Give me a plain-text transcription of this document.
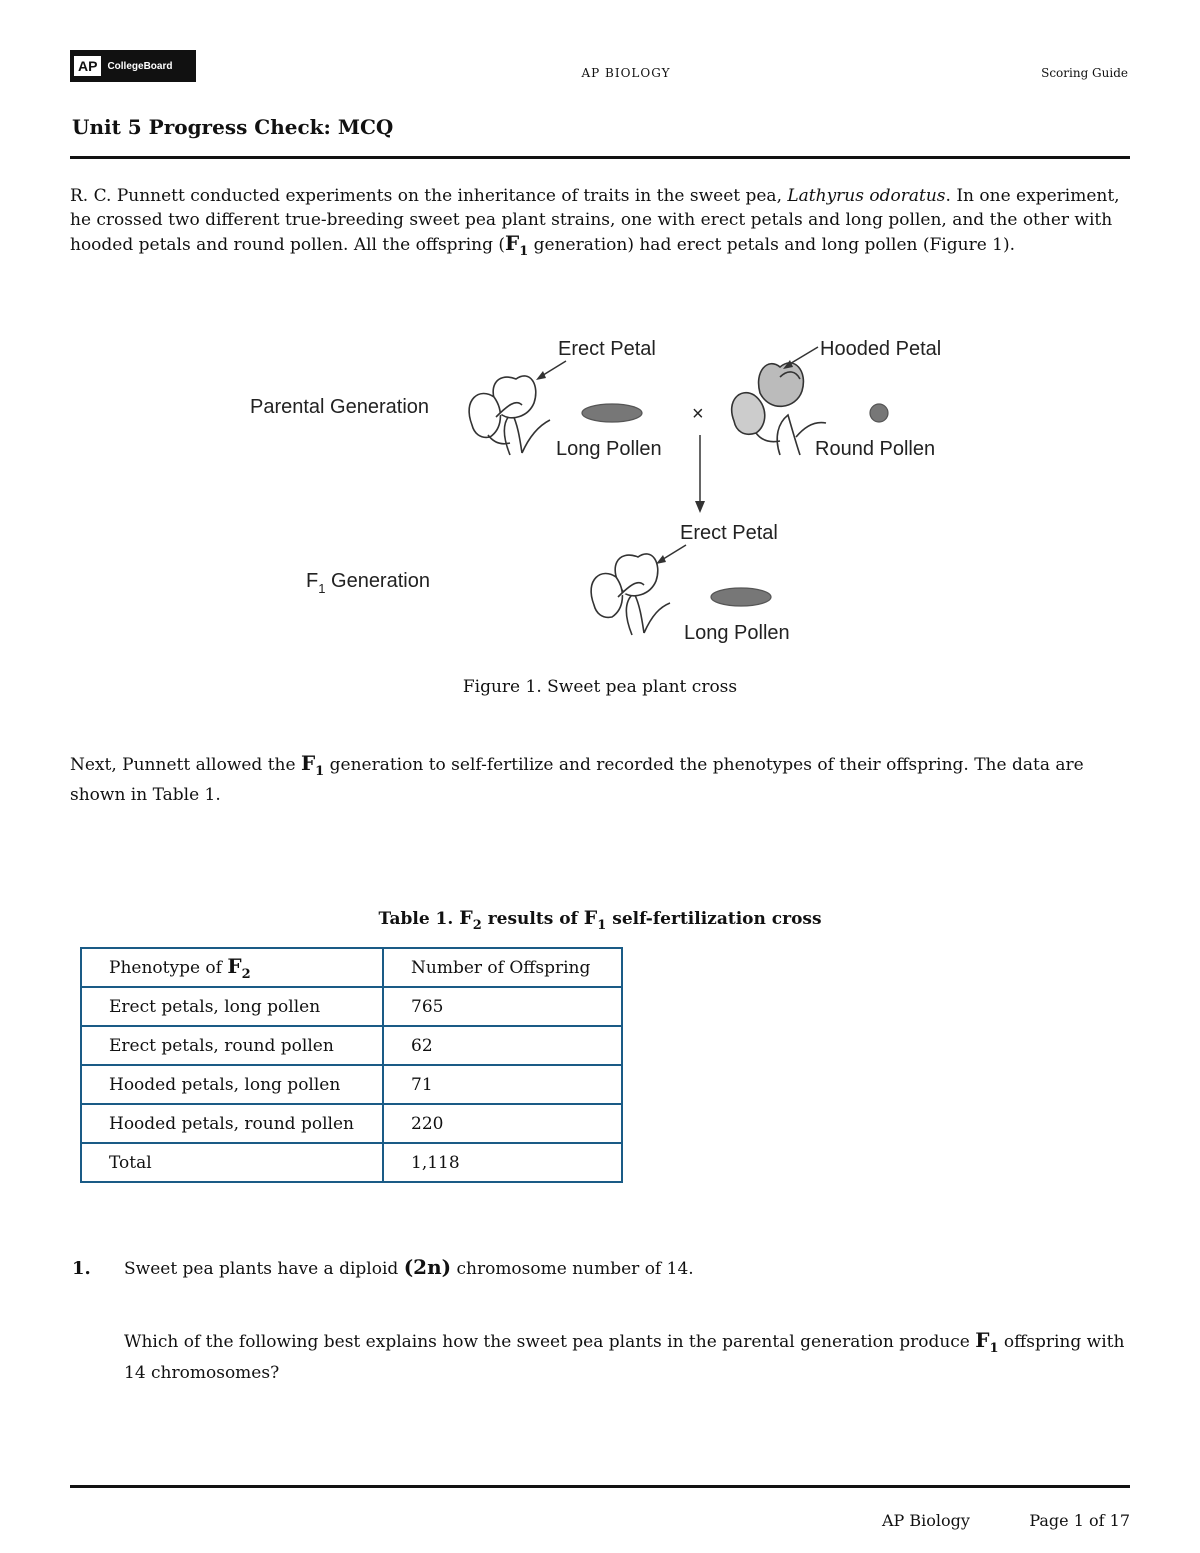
AP	CollegeBoard	AP BIOLOGY	Scoring Guide
Unit 5 Progress Check: MCQ
R. C. Punnett conducted experiments on the inheritance of traits in the sweet pea, Lathyrus odoratus. In one experiment, he crossed two different true-breeding sweet pea plant strains, one with erect petals and long pollen, and the other with hooded petals and round pollen. All the offspring ($F_1$ generation) had erect petals and long pollen (Figure 1).
Parental Generation
$F_1$ Generation
Erect Petal	Hooded Petal
Long Pollen	Round Pollen
×
Erect Petal
Long Pollen
Figure 1. Sweet pea plant cross
Next, Punnett allowed the $F_1$ generation to self-fertilize and recorded the phenotypes of their offspring. The data are shown in Table 1.
Table 1. $F_2$ results of $F_1$ self-fertilization cross
Phenotype of $F_2$	Number of Offspring
Erect petals, long pollen	765
Erect petals, round pollen	62
Hooded petals, long pollen	71
Hooded petals, round pollen	220
Total	1,118
1. Sweet pea plants have a diploid (2n) chromosome number of 14.
Which of the following best explains how the sweet pea plants in the parental generation produce $F_1$ offspring with 14 chromosomes?
AP Biology	Page 1 of 17
